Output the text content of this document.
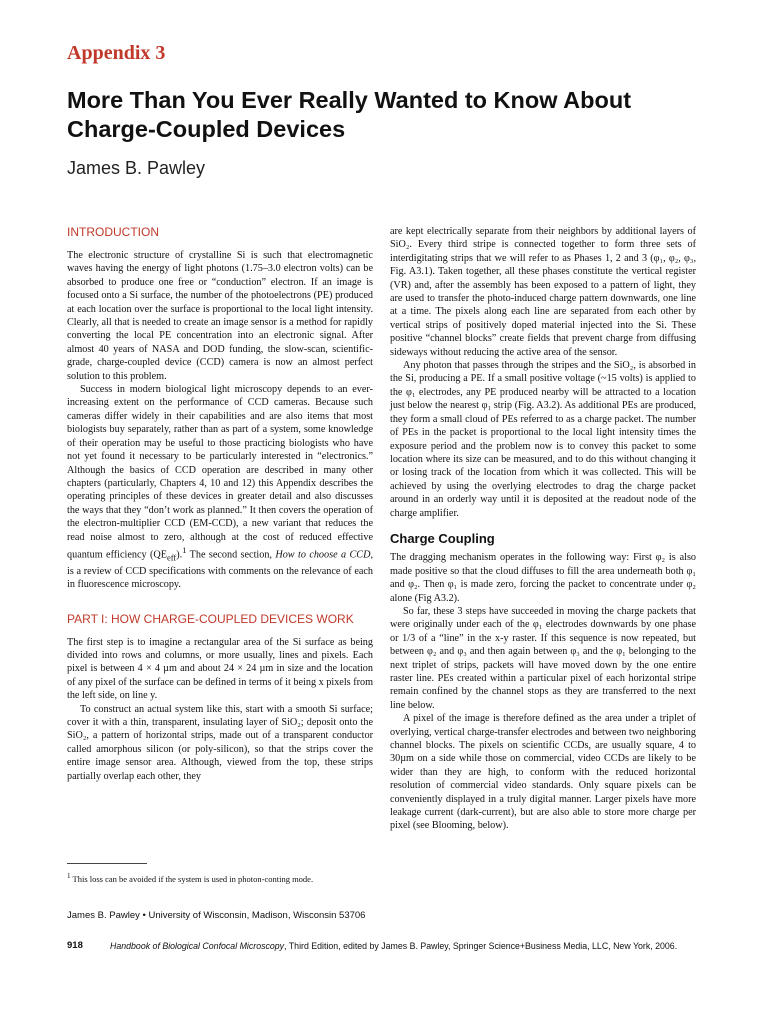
Appendix 3
More Than You Ever Really Wanted to Know About Charge-Coupled Devices
James B. Pawley
INTRODUCTION

The electronic structure of crystalline Si is such that electromagnetic waves having the energy of light photons (1.75–3.0 electron volts) can be absorbed to produce one free or “conduction” electron. If an image is focused onto a Si surface, the number of the photoelectrons (PE) produced at each location over the surface is proportional to the local light intensity. Clearly, all that is needed to create an image sensor is a method for rapidly converting the local PE concentration into an electronic signal. After almost 40 years of NASA and DOD funding, the slow-scan, scientific-grade, charge-coupled device (CCD) camera is now an almost perfect solution to this problem.

Success in modern biological light microscopy depends to an ever-increasing extent on the performance of CCD cameras. Because such cameras differ widely in their capabilities and are also items that most biologists buy separately, rather than as part of a system, some knowledge of their operation may be useful to those practicing biologists who have not yet found it necessary to be particularly interested in “electronics.” Although the basics of CCD operation are described in many other chapters (particularly, Chapters 4, 10 and 12) this Appendix describes the operating principles of these devices in greater detail and also discusses the ways that they “don’t work as planned.” It then covers the operation of the electron-multiplier CCD (EM-CCD), a new variant that reduces the read noise almost to zero, although at the cost of reduced effective quantum efficiency $(QE_{eff}).^1$ The second section, How to choose a CCD, is a review of CCD specifications with comments on the relevance of each in fluorescence microscopy.

PART I: HOW CHARGE-COUPLED DEVICES WORK

The first step is to imagine a rectangular area of the Si surface as being divided into rows and columns, or more usually, lines and pixels. Each pixel is between 4 × 4 µm and about 24 × 24 µm in size and the location of any pixel of the surface can be defined in terms of it being x pixels from the left side, on line y.

To construct an actual system like this, start with a smooth Si surface; cover it with a thin, transparent, insulating layer of SiO₂; deposit onto the SiO₂, a pattern of horizontal strips, made out of a transparent conductor called amorphous silicon (or poly-silicon), so that the strips cover the entire image sensor area. Although, viewed from the top, these strips partially overlap each other, they

are kept electrically separate from their neighbors by additional layers of SiO₂. Every third stripe is connected together to form three sets of interdigitating strips that we will refer to as Phases 1, 2 and 3 (φ₁, φ₂, φ₃, Fig. A3.1). Taken together, all these phases constitute the vertical register (VR) and, after the assembly has been exposed to a pattern of light, they are used to transfer the photo-induced charge pattern downwards, one line at a time. The pixels along each line are separated from each other by vertical strips of positively doped material injected into the Si. These positive “channel blocks” create fields that prevent charge from diffusing sideways without reducing the active area of the sensor.

Any photon that passes through the stripes and the SiO₂, is absorbed in the Si, producing a PE. If a small positive voltage (~15 volts) is applied to the φ₁ electrodes, any PE produced nearby will be attracted to a location just below the nearest φ₁ strip (Fig. A3.2). As additional PEs are produced, they form a small cloud of PEs referred to as a charge packet. The number of PEs in the packet is proportional to the local light intensity times the exposure period and the problem now is to convey this packet to some location where its size can be measured, and to do this without changing it or losing track of the location from which it was collected. This will be achieved by using the overlying electrodes to drag the charge packet around in an orderly way until it is deposited at the readout node of the charge amplifier.

Charge Coupling

The dragging mechanism operates in the following way: First φ₂ is also made positive so that the cloud diffuses to fill the area underneath both φ₁ and φ₂. Then φ₁ is made zero, forcing the packet to concentrate under φ₂ alone (Fig A3.2).

So far, these 3 steps have succeeded in moving the charge packets that were originally under each of the φ₁ electrodes downwards by one phase or 1/3 of a “line” in the x-y raster. If this sequence is now repeated, but between φ₂ and φ₃ and then again between φ₃ and the φ₁ belonging to the next triplet of strips, packets will have moved down by the one entire raster line. PEs created within a particular pixel of each horizontal stripe remain confined by the channel stops as they are transferred to the next line below.

A pixel of the image is therefore defined as the area under a triplet of overlying, vertical charge-transfer electrodes and between two neighboring channel blocks. The pixels on scientific CCDs, are usually square, 4 to 30µm on a side while those on commercial, video CCDs are likely to be wider than they are high, to conform with the reduced horizontal resolution of commercial video standards. Only square pixels can be conveniently displayed in a truly digital manner. Larger pixels have more leakage current (dark-current), but are also able to store more charge per pixel (see Blooming, below).

$^1$ This loss can be avoided if the system is used in photon-conting mode.

James B. Pawley • University of Wisconsin, Madison, Wisconsin 53706

918	Handbook of Biological Confocal Microscopy, Third Edition, edited by James B. Pawley, Springer Science+Business Media, LLC, New York, 2006.
